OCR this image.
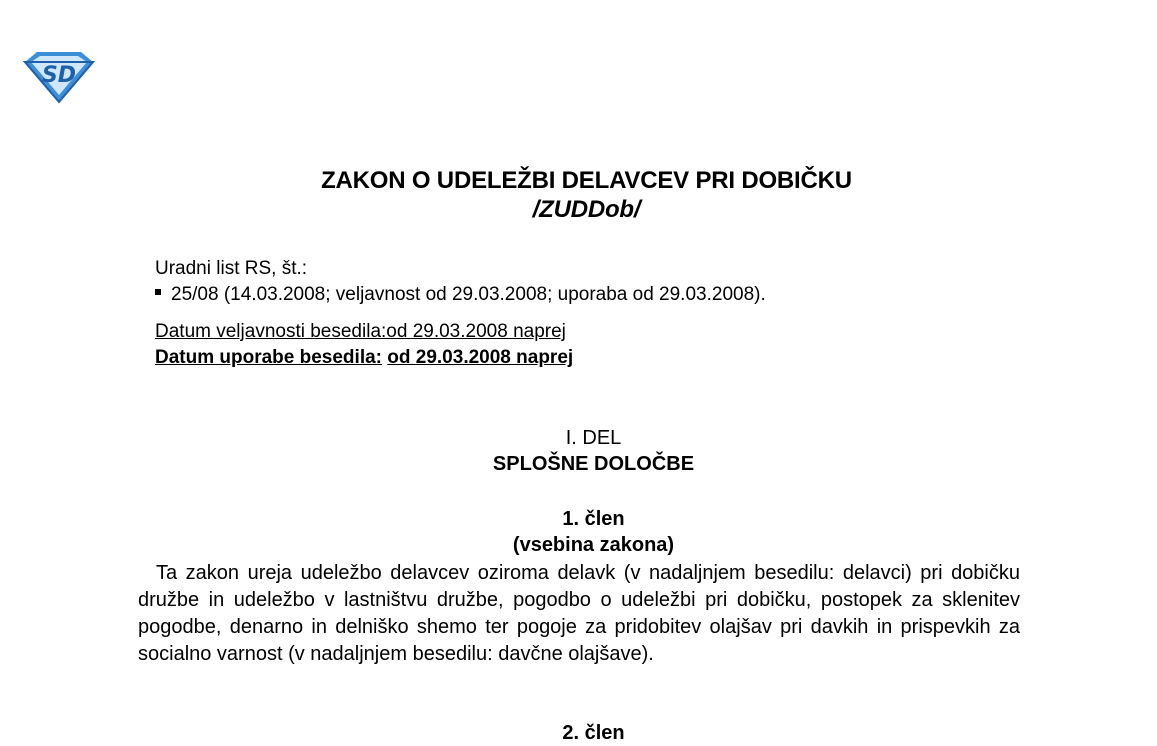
SD
ZAKON O UDELEŽBI DELAVCEV PRI DOBIČKU
/ZUDDob/
Uradni list RS, št.:
25/08 (14.03.2008; veljavnost od 29.03.2008; uporaba od 29.03.2008).
Datum veljavnosti besedila:od 29.03.2008 naprej
Datum uporabe besedila: od 29.03.2008 naprej
I. DEL
SPLOŠNE DOLOČBE
1. člen
(vsebina zakona)

Ta zakon ureja udeležbo delavcev oziroma delavk (v nadaljnjem besedilu: delavci) pri dobičku družbe in udeležbo v lastništvu družbe, pogodbo o udeležbi pri dobičku, postopek za sklenitev pogodbe, denarno in delniško shemo ter pogoje za pridobitev olajšav pri davkih in prispevkih za socialno varnost (v nadaljnjem besedilu: davčne olajšave).

2. člen
